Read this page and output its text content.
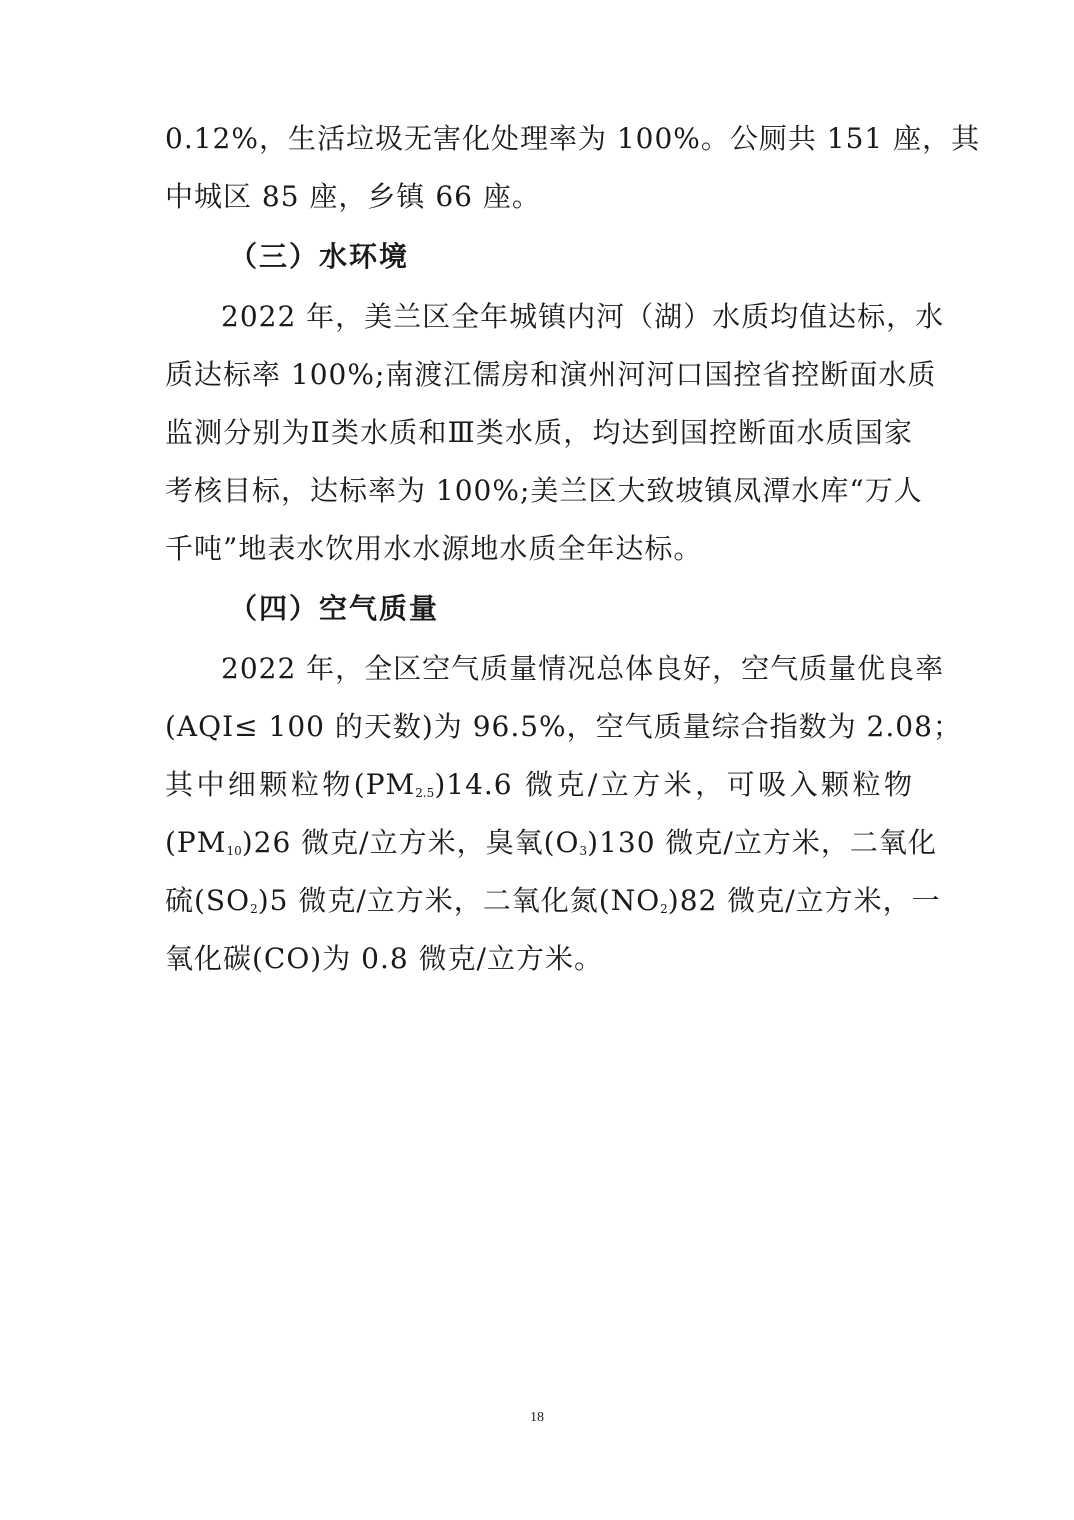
0.12%，生活垃圾无害化处理率为 100%。公厕共 151 座，其
中城区 85 座，乡镇 66 座。
（三）水环境
2022 年，美兰区全年城镇内河（湖）水质均值达标，水
质达标率 100%;南渡江儒房和演州河河口国控省控断面水质
监测分别为Ⅱ类水质和Ⅲ类水质，均达到国控断面水质国家
考核目标，达标率为 100%;美兰区大致坡镇凤潭水库“万人
千吨”地表水饮用水水源地水质全年达标。
（四）空气质量
2022 年，全区空气质量情况总体良好，空气质量优良率
(AQI≤ 100 的天数)为 96.5%，空气质量综合指数为 2.08；
其中细颗粒物$(PM_{2.5})14.6$ 微克/立方米，可吸入颗粒物
$(PM_{10})26$ 微克/立方米，臭氧$(O_3)130$ 微克/立方米，二氧化
硫$(SO_2)5$ 微克/立方米，二氧化氮$(NO_2)82$ 微克/立方米，一
氧化碳(CO)为 0.8 微克/立方米。
18
